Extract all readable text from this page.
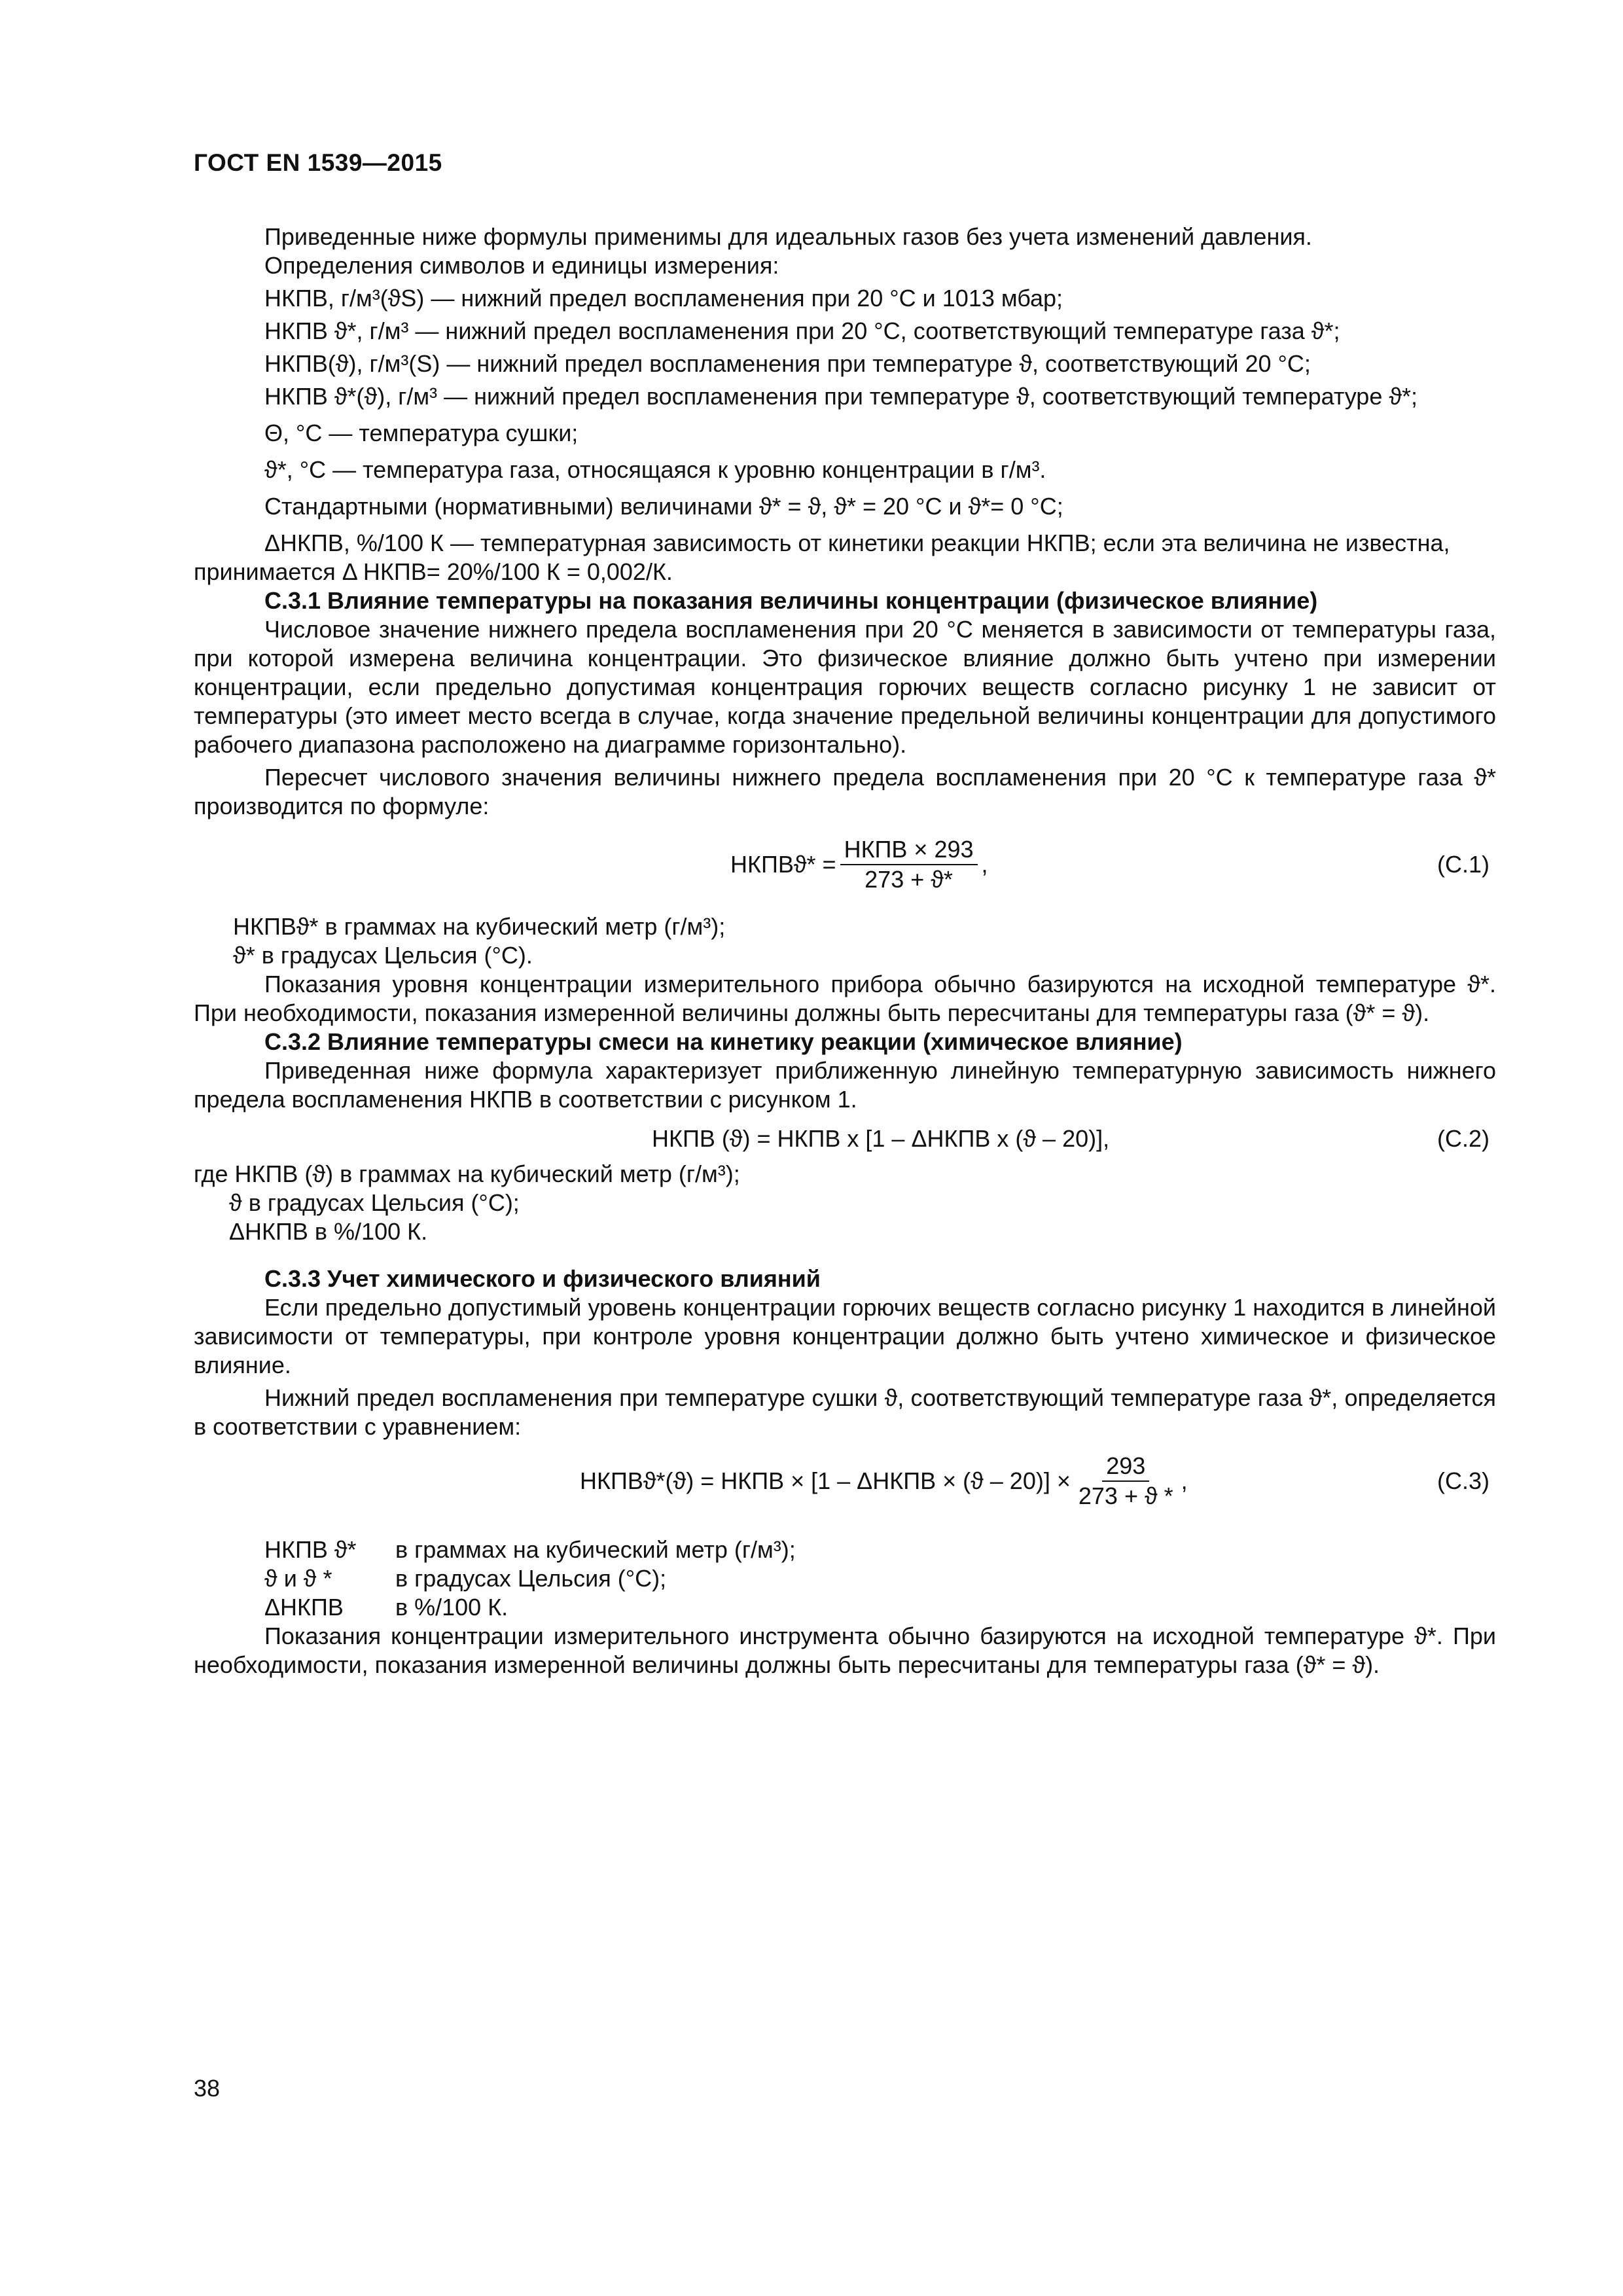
ГОСТ EN 1539—2015

Приведенные ниже формулы применимы для идеальных газов без учета изменений давления.

Определения символов и единицы измерения:

НКПВ, г/м³(ϑS) — нижний предел воспламенения при 20 °С и 1013 мбар;

НКПВ ϑ*, г/м³ — нижний предел воспламенения при 20 °С, соответствующий температуре газа ϑ*;

НКПВ(ϑ), г/м³(S) — нижний предел воспламенения при температуре ϑ, соответствующий 20 °С;

НКПВ ϑ*(ϑ), г/м³ — нижний предел воспламенения при температуре ϑ, соответствующий температуре ϑ*;

Θ, °С — температура сушки;

ϑ*, °С — температура газа, относящаяся к уровню концентрации в г/м³.

Стандартными (нормативными) величинами ϑ* = ϑ, ϑ* = 20 °С и ϑ*= 0 °С;

ΔНКПВ, %/100 К — температурная зависимость от кинетики реакции НКПВ; если эта величина не известна,

принимается Δ НКПВ= 20%/100 К = 0,002/К.

С.3.1 Влияние температуры на показания величины концентрации (физическое влияние)

Числовое значение нижнего предела воспламенения при 20 °С меняется в зависимости от температуры газа, при которой измерена величина концентрации. Это физическое влияние должно быть учтено при измерении концентрации, если предельно допустимая концентрация горючих веществ согласно рисунку 1 не зависит от температуры (это имеет место всегда в случае, когда значение предельной величины концентрации для допустимого рабочего диапазона расположено на диаграмме горизонтально).

Пересчет числового значения величины нижнего предела воспламенения при 20 °С к температуре газа ϑ* производится по формуле:

НКПВϑ* = $\frac{\text{НКПВ × 293}}{273 + ϑ*}$ ,	(С.1)

НКПВϑ* в граммах на кубический метр (г/м³);

ϑ* в градусах Цельсия (°С).

Показания уровня концентрации измерительного прибора обычно базируются на исходной температуре ϑ*. При необходимости, показания измеренной величины должны быть пересчитаны для температуры газа (ϑ* = ϑ).

С.3.2 Влияние температуры смеси на кинетику реакции (химическое влияние)

Приведенная ниже формула характеризует приближенную линейную температурную зависимость нижнего предела воспламенения НКПВ в соответствии с рисунком 1.

НКПВ (ϑ) = НКПВ x [1 – ΔНКПВ x (ϑ – 20)],	(С.2)

где НКПВ (ϑ) в граммах на кубический метр (г/м³);

ϑ в градусах Цельсия (°С);

ΔНКПВ в %/100 К.

С.3.3 Учет химического и физического влияний

Если предельно допустимый уровень концентрации горючих веществ согласно рисунку 1 находится в линейной зависимости от температуры, при контроле уровня концентрации должно быть учтено химическое и физическое влияние.

Нижний предел воспламенения при температуре сушки ϑ, соответствующий температуре газа ϑ*, определяется в соответствии с уравнением:

НКПВϑ*(ϑ) = НКПВ × [1 – ΔНКПВ × $(ϑ - 20)] \times \frac{293}{273 + ϑ *}$ ,	(С.3)
НКПВ ϑ*	в граммах на кубический метр (г/м³);
ϑ и ϑ *	в градусах Цельсия (°С);
ΔНКПВ	в %/100 К.

Показания концентрации измерительного инструмента обычно базируются на исходной температуре ϑ*. При необходимости, показания измеренной величины должны быть пересчитаны для температуры газа (ϑ* = ϑ).

38
